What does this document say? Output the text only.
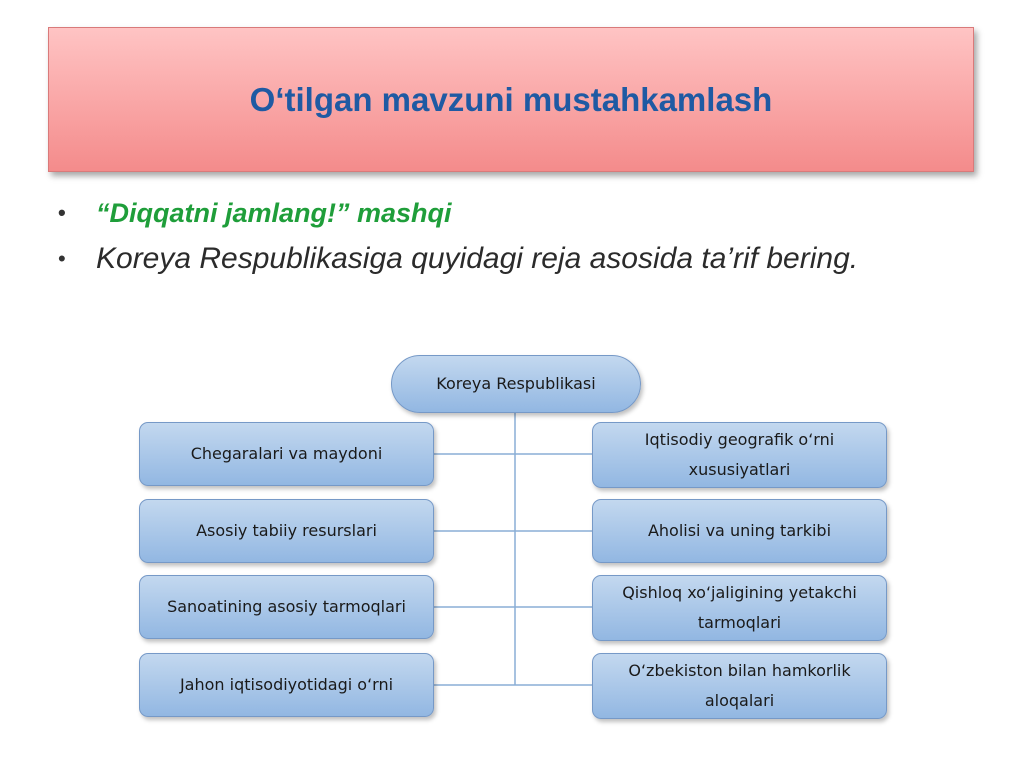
O‘tilgan mavzuni mustahkamlash
• “Diqqatni jamlang!” mashqi
• Koreya Respublikasiga quyidagi reja asosida ta’rif bering.
Koreya Respublikasi
Chegaralari va maydoni
Asosiy tabiiy resurslari
Sanoatining asosiy tarmoqlari
Jahon iqtisodiyotidagi o‘rni
Iqtisodiy geografik o‘rni xususiyatlari
Aholisi va uning tarkibi
Qishloq xo‘jaligining yetakchi tarmoqlari
O‘zbekiston bilan hamkorlik aloqalari
